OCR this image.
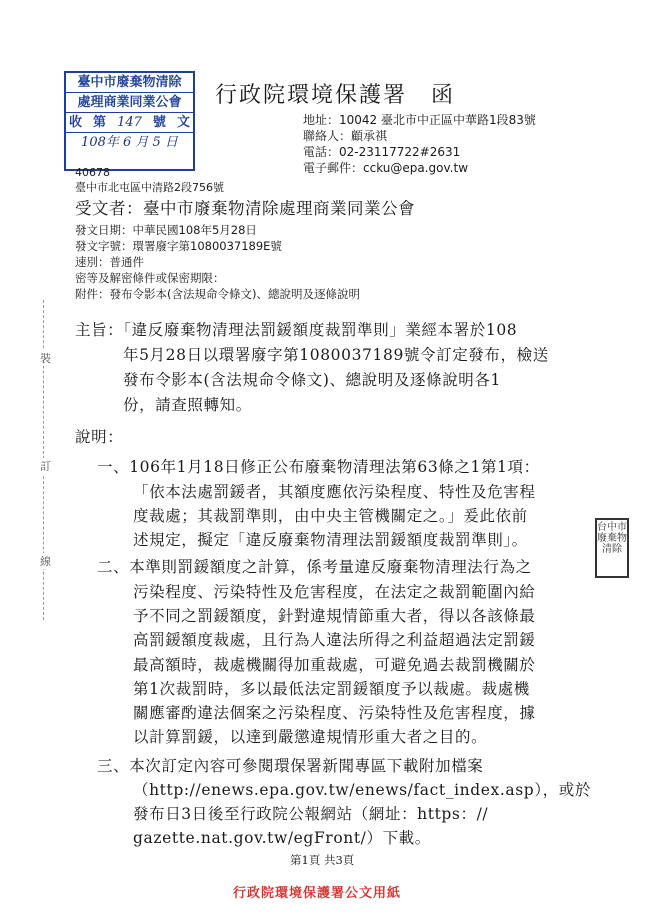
臺中市廢棄物清除
處理商業同業公會
收 第 147 號 文
108年 6 月 5 日
行政院環境保護署　函
地址：10042 臺北市中正區中華路1段83號
聯絡人：顧承祺
電話：02-23117722#2631
電子郵件：ccku@epa.gov.tw
40678
臺中市北屯區中清路2段756號
受文者：臺中市廢棄物清除處理商業同業公會
發文日期：中華民國108年5月28日
發文字號：環署廢字第1080037189E號
速別：普通件
密等及解密條件或保密期限：
附件：發布令影本(含法規命令條文)、總說明及逐條說明
主旨：「違反廢棄物清理法罰鍰額度裁罰準則」業經本署於108
年5月28日以環署廢字第1080037189號令訂定發布，檢送
發布令影本(含法規命令條文)、總說明及逐條說明各1
份，請查照轉知。
說明：
一、106年1月18日修正公布廢棄物清理法第63條之1第1項：
「依本法處罰鍰者，其額度應依污染程度、特性及危害程
度裁處；其裁罰準則，由中央主管機關定之。」爰此依前
述規定，擬定「違反廢棄物清理法罰鍰額度裁罰準則」。
二、本準則罰鍰額度之計算，係考量違反廢棄物清理法行為之
污染程度、污染特性及危害程度，在法定之裁罰範圍內給
予不同之罰鍰額度，針對違規情節重大者，得以各該條最
高罰鍰額度裁處，且行為人違法所得之利益超過法定罰鍰
最高額時，裁處機關得加重裁處，可避免過去裁罰機關於
第1次裁罰時，多以最低法定罰鍰額度予以裁處。裁處機
關應審酌違法個案之污染程度、污染特性及危害程度，據
以計算罰鍰，以達到嚴懲違規情形重大者之目的。
三、本次訂定內容可參閱環保署新聞專區下載附加檔案
（http://enews.epa.gov.tw/enews/fact_index.asp），或於
發布日3日後至行政院公報網站（網址：https：//
gazette.nat.gov.tw/egFront/）下載。
裝
訂
線
台中市廢棄物清除
第1頁 共3頁
行政院環境保護署公文用紙
